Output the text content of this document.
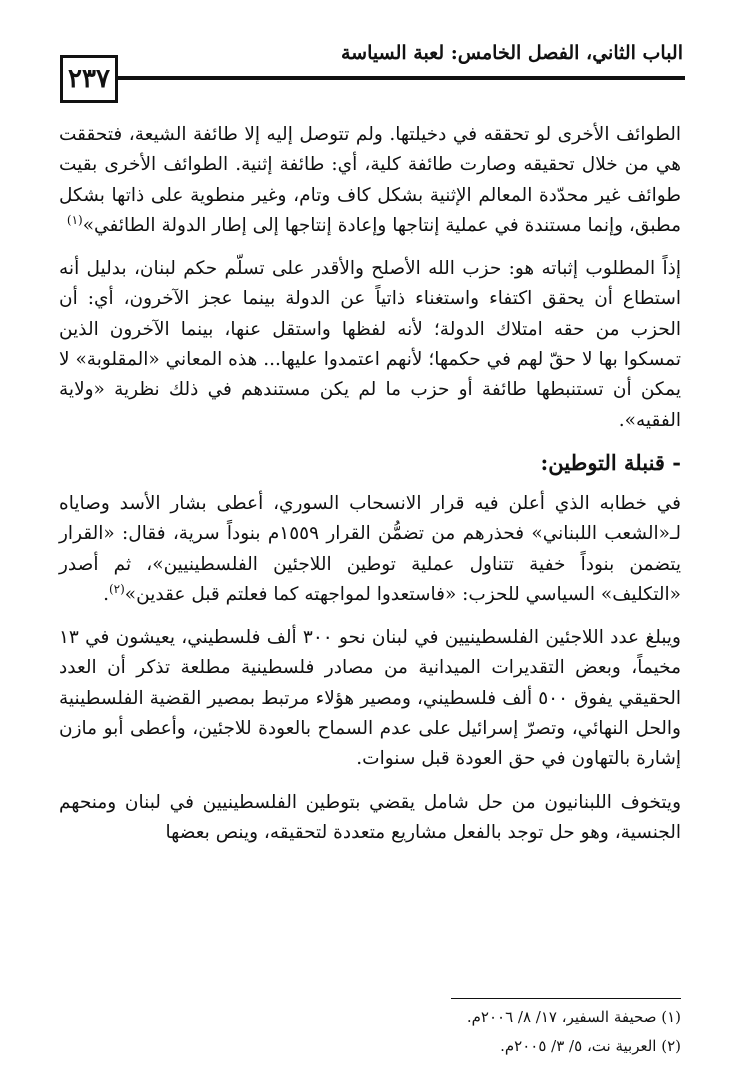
الباب الثاني، الفصل الخامس: لعبة السياسة
٢٣٧

الطوائف الأخرى لو تحققه في دخيلتها. ولم تتوصل إليه إلا طائفة الشيعة، فتحققت هي من خلال تحقيقه وصارت طائفة كلية، أي: طائفة إثنية. الطوائف الأخرى بقيت طوائف غير محدّدة المعالم الإثنية بشكل كاف وتام، وغير منطوية على ذاتها بشكل مطبق، وإنما مستندة في عملية إنتاجها وإعادة إنتاجها إلى إطار الدولة الطائفي»$^{(١)}$

إذاً المطلوب إثباته هو: حزب الله الأصلح والأقدر على تسلّم حكم لبنان، بدليل أنه استطاع أن يحقق اكتفاء واستغناء ذاتياً عن الدولة بينما عجز الآخرون، أي: أن الحزب من حقه امتلاك الدولة؛ لأنه لفظها واستقل عنها، بينما الآخرون الذين تمسكوا بها لا حقّ لهم في حكمها؛ لأنهم اعتمدوا عليها... هذه المعاني «المقلوبة» لا يمكن أن تستنبطها طائفة أو حزب ما لم يكن مستندهم في ذلك نظرية «ولاية الفقيه».

- قنبلة التوطين:

في خطابه الذي أعلن فيه قرار الانسحاب السوري، أعطى بشار الأسد وصاياه لـ«الشعب اللبناني» فحذرهم من تضمُّن القرار ١٥٥٩م بنوداً سرية، فقال: «القرار يتضمن بنوداً خفية تتناول عملية توطين اللاجئين الفلسطينيين»، ثم أصدر «التكليف» السياسي للحزب: «فاستعدوا لمواجهته كما فعلتم قبل عقدين»$^{(٢)}$.

ويبلغ عدد اللاجئين الفلسطينيين في لبنان نحو ٣٠٠ ألف فلسطيني، يعيشون في ١٣ مخيماً، وبعض التقديرات الميدانية من مصادر فلسطينية مطلعة تذكر أن العدد الحقيقي يفوق ٥٠٠ ألف فلسطيني، ومصير هؤلاء مرتبط بمصير القضية الفلسطينية والحل النهائي، وتصرّ إسرائيل على عدم السماح بالعودة للاجئين، وأعطى أبو مازن إشارة بالتهاون في حق العودة قبل سنوات.

ويتخوف اللبنانيون من حل شامل يقضي بتوطين الفلسطينيين في لبنان ومنحهم الجنسية، وهو حل توجد بالفعل مشاريع متعددة لتحقيقه، وينص بعضها

(١) صحيفة السفير، ١٧/ ٨/ ٢٠٠٦م.

(٢) العربية نت، ٥/ ٣/ ٢٠٠٥م.
